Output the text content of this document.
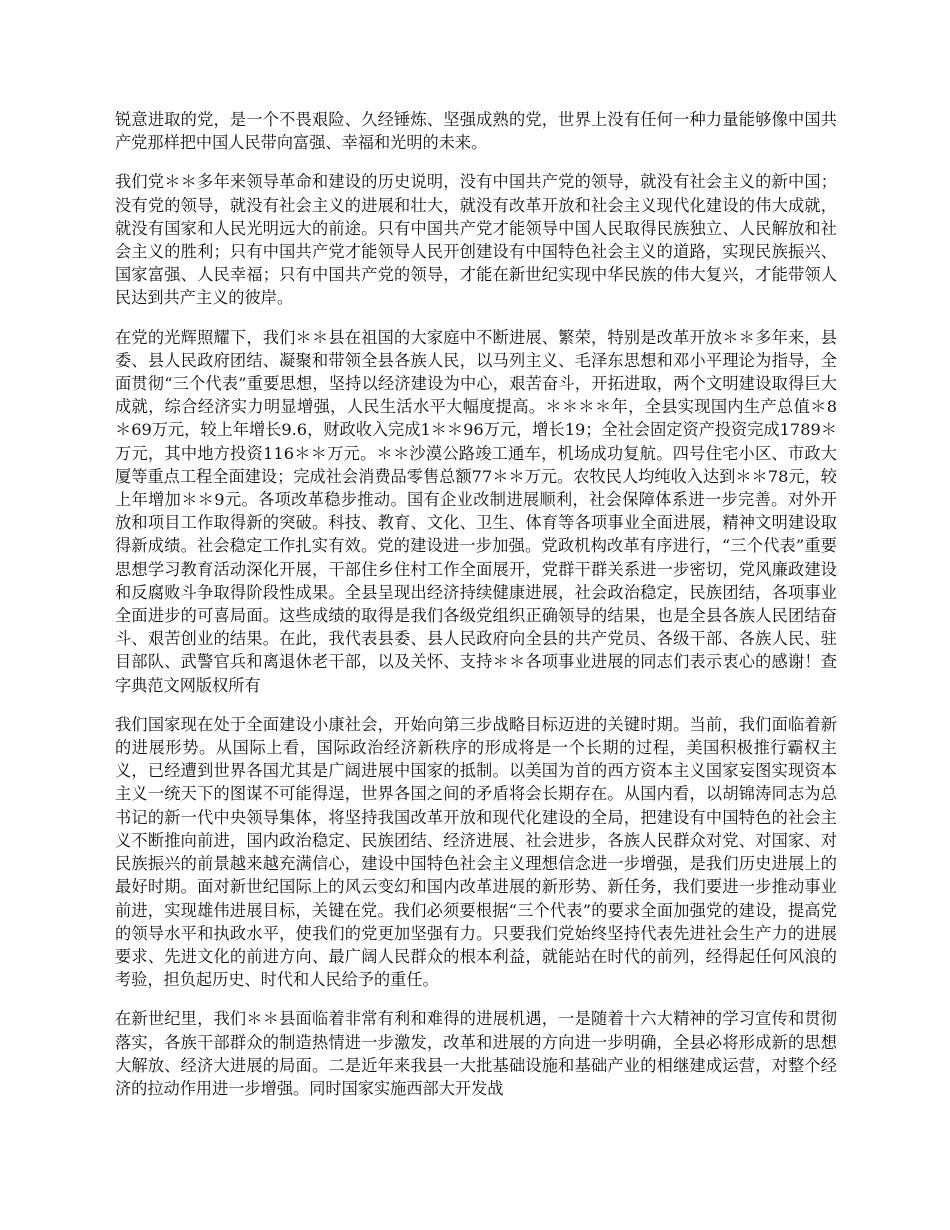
锐意进取的党，是一个不畏艰险、久经锤炼、坚强成熟的党，世界上没有任何一种力量能够像中国共产党那样把中国人民带向富强、幸福和光明的未来。

我们党＊＊多年来领导革命和建设的历史说明，没有中国共产党的领导，就没有社会主义的新中国；没有党的领导，就没有社会主义的进展和壮大，就没有改革开放和社会主义现代化建设的伟大成就，就没有国家和人民光明远大的前途。只有中国共产党才能领导中国人民取得民族独立、人民解放和社会主义的胜利；只有中国共产党才能领导人民开创建设有中国特色社会主义的道路，实现民族振兴、国家富强、人民幸福；只有中国共产党的领导，才能在新世纪实现中华民族的伟大复兴，才能带领人民达到共产主义的彼岸。

在党的光辉照耀下，我们＊＊县在祖国的大家庭中不断进展、繁荣，特别是改革开放＊＊多年来，县委、县人民政府团结、凝聚和带领全县各族人民，以马列主义、毛泽东思想和邓小平理论为指导，全面贯彻“三个代表”重要思想，坚持以经济建设为中心，艰苦奋斗，开拓进取，两个文明建设取得巨大成就，综合经济实力明显增强，人民生活水平大幅度提高。＊＊＊＊年，全县实现国内生产总值＊8＊69万元，较上年增长9.6，财政收入完成1＊＊96万元，增长19；全社会固定资产投资完成1789＊万元，其中地方投资116＊＊万元。＊＊沙漠公路竣工通车，机场成功复航。四号住宅小区、市政大厦等重点工程全面建设；完成社会消费品零售总额77＊＊万元。农牧民人均纯收入达到＊＊78元，较上年增加＊＊9元。各项改革稳步推动。国有企业改制进展顺利，社会保障体系进一步完善。对外开放和项目工作取得新的突破。科技、教育、文化、卫生、体育等各项事业全面进展，精神文明建设取得新成绩。社会稳定工作扎实有效。党的建设进一步加强。党政机构改革有序进行，“三个代表”重要思想学习教育活动深化开展，干部住乡住村工作全面展开，党群干群关系进一步密切，党风廉政建设和反腐败斗争取得阶段性成果。全县呈现出经济持续健康进展，社会政治稳定，民族团结，各项事业全面进步的可喜局面。这些成绩的取得是我们各级党组织正确领导的结果，也是全县各族人民团结奋斗、艰苦创业的结果。在此，我代表县委、县人民政府向全县的共产党员、各级干部、各族人民、驻目部队、武警官兵和离退休老干部，以及关怀、支持＊＊各项事业进展的同志们表示衷心的感谢！查字典范文网版权所有

我们国家现在处于全面建设小康社会，开始向第三步战略目标迈进的关键时期。当前，我们面临着新的进展形势。从国际上看，国际政治经济新秩序的形成将是一个长期的过程，美国积极推行霸权主义，已经遭到世界各国尤其是广阔进展中国家的抵制。以美国为首的西方资本主义国家妄图实现资本主义一统天下的图谋不可能得逞，世界各国之间的矛盾将会长期存在。从国内看，以胡锦涛同志为总书记的新一代中央领导集体，将坚持我国改革开放和现代化建设的全局，把建设有中国特色的社会主义不断推向前进，国内政治稳定、民族团结、经济进展、社会进步，各族人民群众对党、对国家、对民族振兴的前景越来越充满信心，建设中国特色社会主义理想信念进一步增强，是我们历史进展上的最好时期。面对新世纪国际上的风云变幻和国内改革进展的新形势、新任务，我们要进一步推动事业前进，实现雄伟进展目标，关键在党。我们必须要根据“三个代表”的要求全面加强党的建设，提高党的领导水平和执政水平，使我们的党更加坚强有力。只要我们党始终坚持代表先进社会生产力的进展要求、先进文化的前进方向、最广阔人民群众的根本利益，就能站在时代的前列，经得起任何风浪的考验，担负起历史、时代和人民给予的重任。

在新世纪里，我们＊＊县面临着非常有利和难得的进展机遇，一是随着十六大精神的学习宣传和贯彻落实，各族干部群众的制造热情进一步激发，改革和进展的方向进一步明确，全县必将形成新的思想大解放、经济大进展的局面。二是近年来我县一大批基础设施和基础产业的相继建成运营，对整个经济的拉动作用进一步增强。同时国家实施西部大开发战
